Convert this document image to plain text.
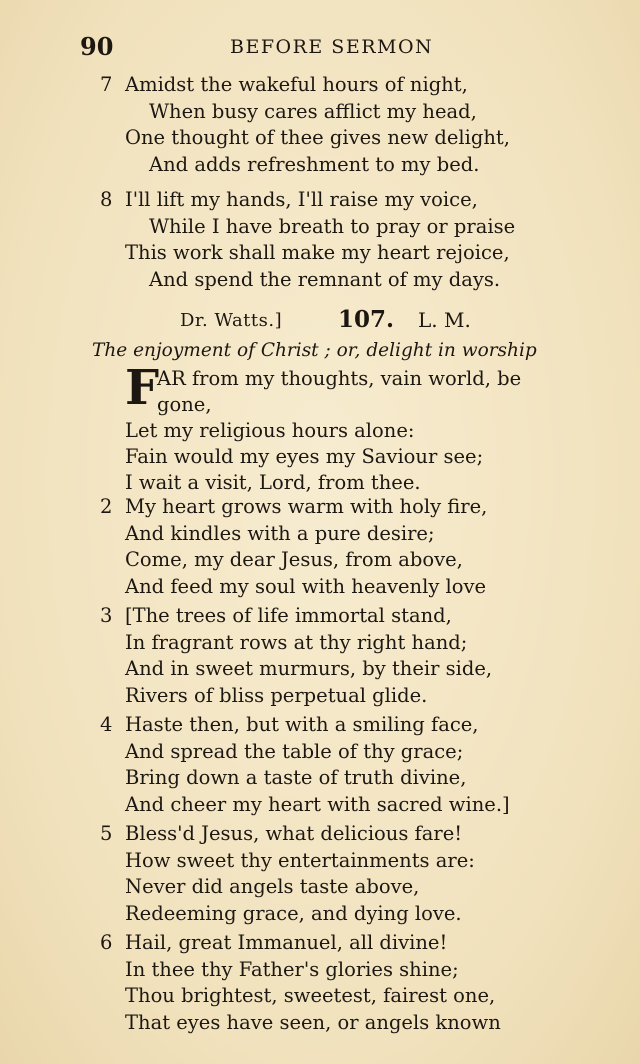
90	BEFORE SERMON
7 Amidst the wakeful hours of night,
When busy cares afflict my head,
One thought of thee gives new delight,
And adds refreshment to my bed.
8 I'll lift my hands, I'll raise my voice,
While I have breath to pray or praise
This work shall make my heart rejoice,
And spend the remnant of my days.
Dr. Watts.] 107. L. M.
The enjoyment of Christ ; or, delight in worship
F
AR from my thoughts, vain world, be
gone,
Let my religious hours alone:
Fain would my eyes my Saviour see;
I wait a visit, Lord, from thee.
2 My heart grows warm with holy fire,
And kindles with a pure desire;
Come, my dear Jesus, from above,
And feed my soul with heavenly love
3 [The trees of life immortal stand,
In fragrant rows at thy right hand;
And in sweet murmurs, by their side,
Rivers of bliss perpetual glide.
4 Haste then, but with a smiling face,
And spread the table of thy grace;
Bring down a taste of truth divine,
And cheer my heart with sacred wine.]
5 Bless'd Jesus, what delicious fare!
How sweet thy entertainments are:
Never did angels taste above,
Redeeming grace, and dying love.
6 Hail, great Immanuel, all divine!
In thee thy Father's glories shine;
Thou brightest, sweetest, fairest one,
That eyes have seen, or angels known
